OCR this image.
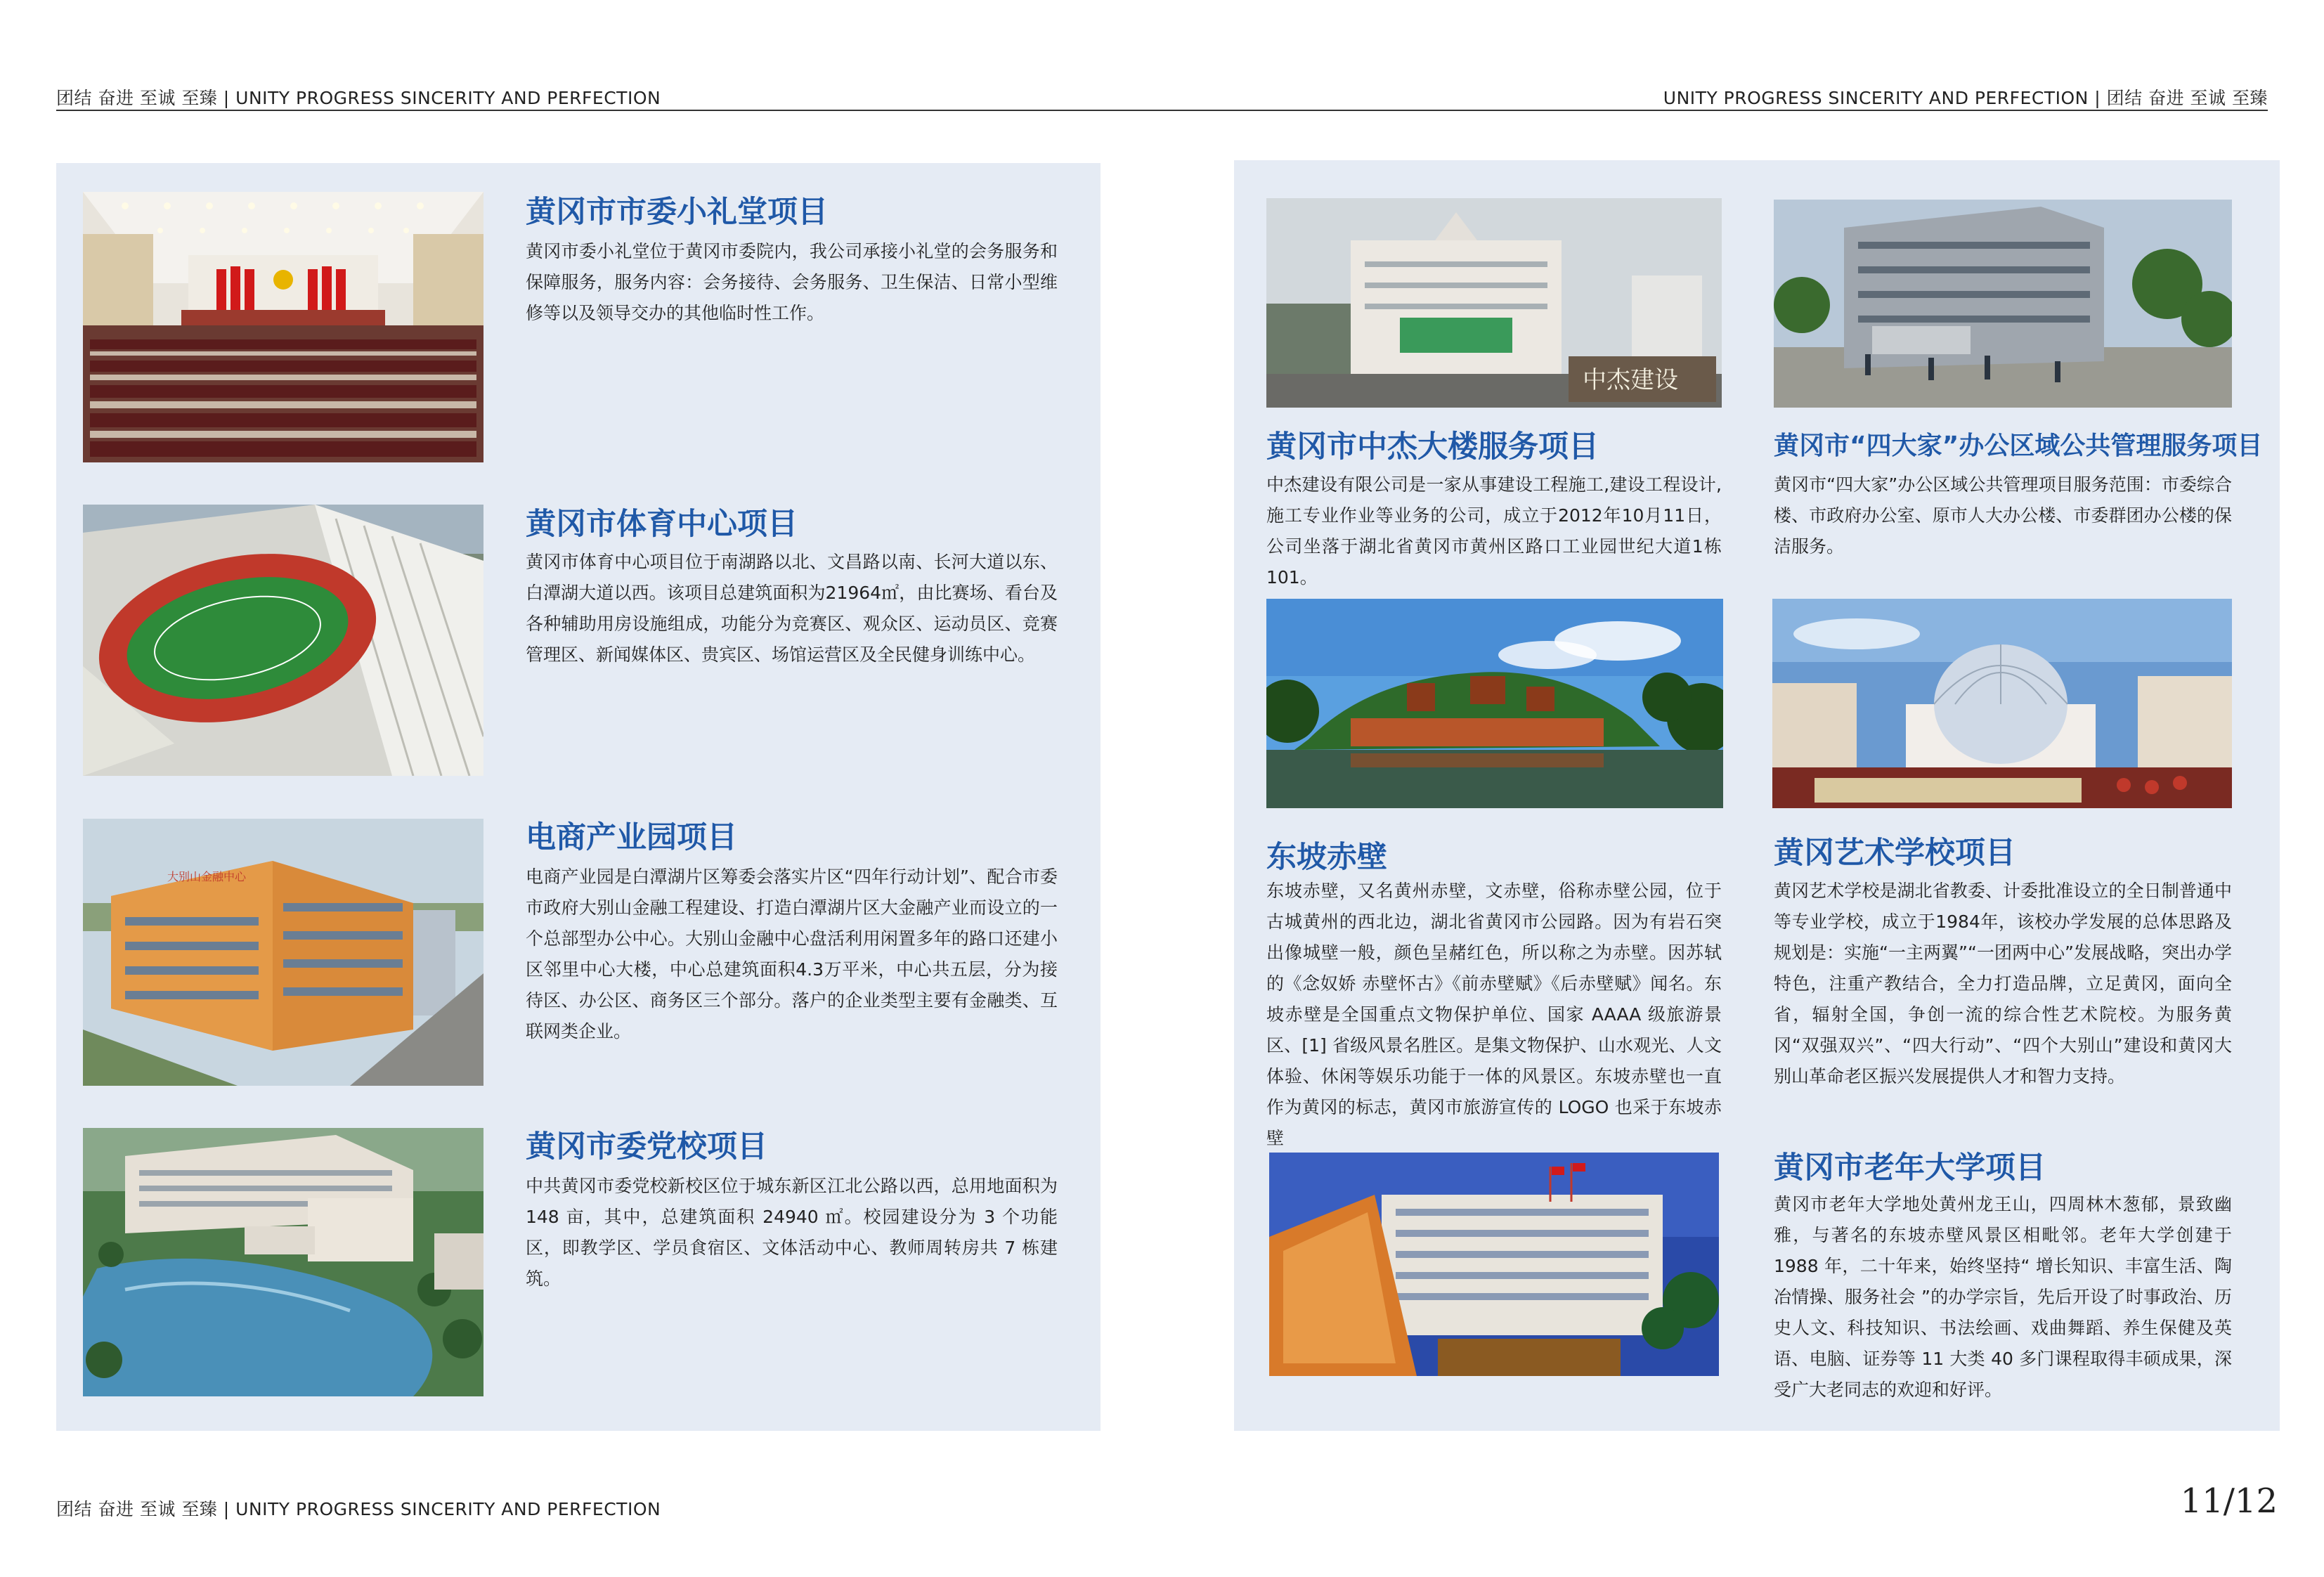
团结 奋进 至诚 至臻 | UNITY PROGRESS SINCERITY AND PERFECTION	UNITY PROGRESS SINCERITY AND PERFECTION | 团结 奋进 至诚 至臻
黄冈市市委小礼堂项目
黄冈市委小礼堂位于黄冈市委院内，我公司承接小礼堂的会务服务和保障服务，服务内容：会务接待、会务服务、卫生保洁、日常小型维修等以及领导交办的其他临时性工作。
黄冈市体育中心项目
黄冈市体育中心项目位于南湖路以北、文昌路以南、长河大道以东、白潭湖大道以西。该项目总建筑面积为21964㎡，由比赛场、看台及各种辅助用房设施组成，功能分为竞赛区、观众区、运动员区、竞赛管理区、新闻媒体区、贵宾区、场馆运营区及全民健身训练中心。
大别山金融中心
电商产业园项目
电商产业园是白潭湖片区筹委会落实片区“四年行动计划”、配合市委市政府大别山金融工程建设、打造白潭湖片区大金融产业而设立的一个总部型办公中心。大别山金融中心盘活利用闲置多年的路口还建小区邻里中心大楼，中心总建筑面积4.3万平米，中心共五层，分为接待区、办公区、商务区三个部分。落户的企业类型主要有金融类、互联网类企业。
黄冈市委党校项目
中共黄冈市委党校新校区位于城东新区江北公路以西，总用地面积为148 亩，其中，总建筑面积 24940 ㎡。校园建设分为 3 个功能区，即教学区、学员食宿区、文体活动中心、教师周转房共 7 栋建筑。
中杰建设
黄冈市中杰大楼服务项目
中杰建设有限公司是一家从事建设工程施工,建设工程设计,施工专业作业等业务的公司，成立于2012年10月11日，公司坐落于湖北省黄冈市黄州区路口工业园世纪大道1栋101。
黄冈市“四大家”办公区域公共管理服务项目
黄冈市“四大家”办公区域公共管理项目服务范围：市委综合楼、市政府办公室、原市人大办公楼、市委群团办公楼的保洁服务。
东坡赤壁
东坡赤壁，又名黄州赤壁，文赤壁，俗称赤壁公园，位于古城黄州的西北边，湖北省黄冈市公园路。因为有岩石突出像城壁一般，颜色呈赭红色，所以称之为赤壁。因苏轼的《念奴娇 赤壁怀古》《前赤壁赋》《后赤壁赋》闻名。东坡赤壁是全国重点文物保护单位、国家 AAAA 级旅游景区、[1] 省级风景名胜区。是集文物保护、山水观光、人文体验、休闲等娱乐功能于一体的风景区。东坡赤壁也一直作为黄冈的标志，黄冈市旅游宣传的 LOGO 也采于东坡赤壁
黄冈艺术学校项目
黄冈艺术学校是湖北省教委、计委批准设立的全日制普通中等专业学校，成立于1984年，该校办学发展的总体思路及规划是：实施“一主两翼”“一团两中心”发展战略，突出办学特色，注重产教结合，全力打造品牌，立足黄冈，面向全省，辐射全国，争创一流的综合性艺术院校。为服务黄冈“双强双兴”、“四大行动”、“四个大别山”建设和黄冈大别山革命老区振兴发展提供人才和智力支持。
黄冈市老年大学项目
黄冈市老年大学地处黄州龙王山，四周林木葱郁，景致幽雅，与著名的东坡赤壁风景区相毗邻。老年大学创建于 1988 年，二十年来，始终坚持“ 增长知识、丰富生活、陶冶情操、服务社会 ”的办学宗旨，先后开设了时事政治、历史人文、科技知识、书法绘画、戏曲舞蹈、养生保健及英语、电脑、证券等 11 大类 40 多门课程取得丰硕成果，深受广大老同志的欢迎和好评。
团结 奋进 至诚 至臻 | UNITY PROGRESS SINCERITY AND PERFECTION	11/12
